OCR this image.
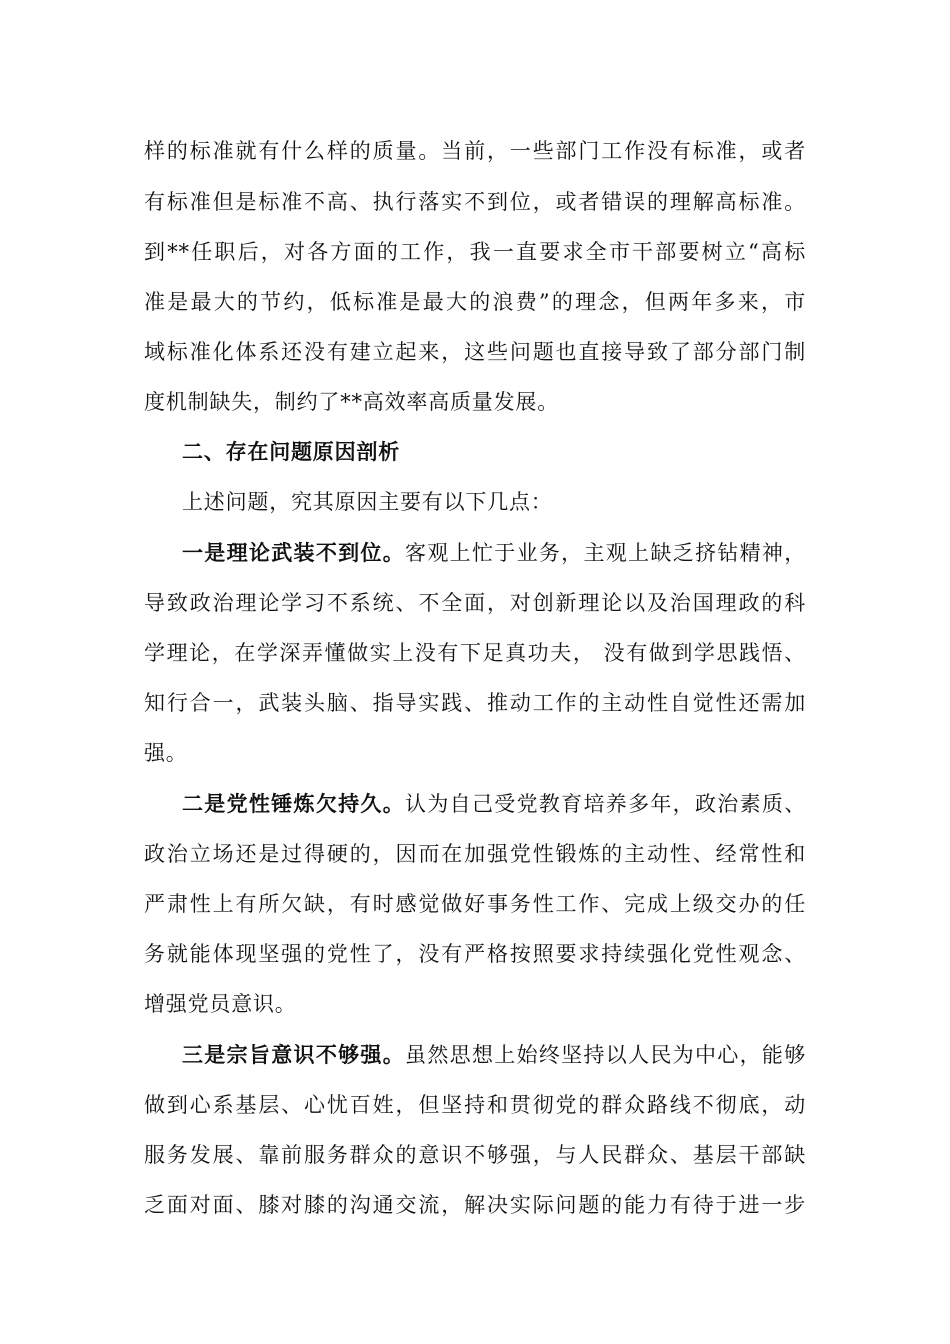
样的标准就有什么样的质量。当前，一些部门工作没有标准，或者
有标准但是标准不高、执行落实不到位，或者错误的理解高标准。
到**任职后，对各方面的工作，我一直要求全市干部要树立“高标
准是最大的节约，低标准是最大的浪费”的理念，但两年多来，市
域标准化体系还没有建立起来，这些问题也直接导致了部分部门制
度机制缺失，制约了**高效率高质量发展。
二、存在问题原因剖析
上述问题，究其原因主要有以下几点：
一是理论武装不到位。客观上忙于业务，主观上缺乏挤钻精神，
导致政治理论学习不系统、不全面，对创新理论以及治国理政的科
学理论，在学深弄懂做实上没有下足真功夫， 没有做到学思践悟、
知行合一，武装头脑、指导实践、推动工作的主动性自觉性还需加
强。
二是党性锤炼欠持久。认为自己受党教育培养多年，政治素质、
政治立场还是过得硬的，因而在加强党性锻炼的主动性、经常性和
严肃性上有所欠缺，有时感觉做好事务性工作、完成上级交办的任
务就能体现坚强的党性了，没有严格按照要求持续强化党性观念、
增强党员意识。
三是宗旨意识不够强。虽然思想上始终坚持以人民为中心，能够
做到心系基层、心忧百姓，但坚持和贯彻党的群众路线不彻底，动
服务发展、靠前服务群众的意识不够强，与人民群众、基层干部缺
乏面对面、膝对膝的沟通交流，解决实际问题的能力有待于进一步
